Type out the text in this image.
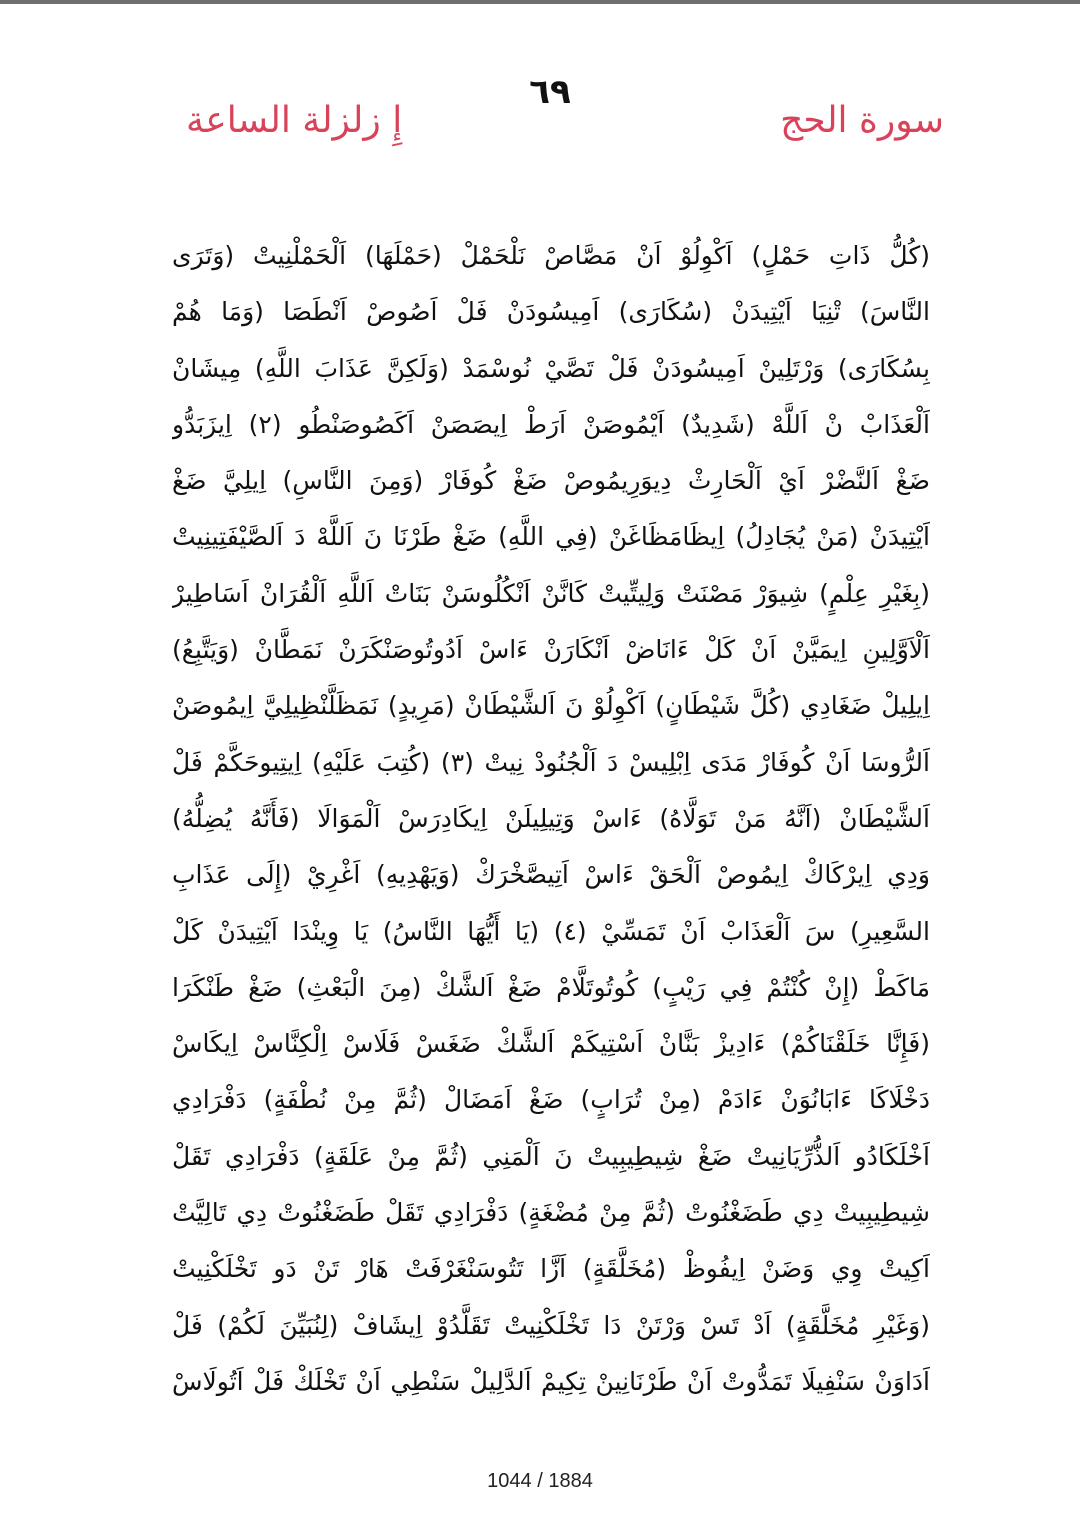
٦٩
سورة الحج
إِ زلزلة الساعة
(كُلُّ ذَاتِ حَمْلٍ) اَكْوِلُوْ اَنْ مَصَّاصْ نَلْحَمْلْ (حَمْلَهَا) اَلْحَمْلْنِيتْ (وَتَرَى
النَّاسَ) تْنِيَا اَيْتِيدَنْ (سُكَارَى) اَمِيسُودَنْ فَلْ اَصُوصْ اَنْطَصَا (وَمَا هُمْ
بِسُكَارَى) وَرْتَلِينْ اَمِيسُودَنْ فَلْ تَصَّيْ نُوسْمَدْ (وَلَكِنَّ عَذَابَ اللَّهِ) مِيشَانْ
اَلْعَذَابْ نْ اَللَّهْ (شَدِيدٌ) اَيْمُوصَنْ اَرَطْ اِيصَصَنْ اَكَصُوصَنْطُو (٢) اِيزَبَدُّو
ضَغْ اَلنَّضْرْ اَيْ اَلْحَارِثْ دِيوَرِيمُوصْ ضَغْ كُوفَارْ (وَمِنَ النَّاسِ) اِيلِيَّ ضَغْ
اَيْتِيدَنْ (مَنْ يُجَادِلُ) اِيظَامَظَاغَنْ (فِي اللَّهِ) ضَغْ طَرْنَا نَ اَللَّهْ دَ اَلصَّيْفَتِينِيتْ
(بِغَيْرِ عِلْمٍ) شِيوَرْ مَصْنَتْ وَلِيتِّيتْ كَانَّنْ اَنْكُلُوسَنْ بَنَاتْ اَللَّهِ اَلْقُرَانْ اَسَاطِيرْ
اَلْاَوَّلِينِ اِيمَيَّنْ اَنْ كَلْ ءَانَاضْ اَنْكَارَنْ ءَاسْ اَدُوتُوصَنْكَرَنْ نَمَطَّانْ (وَيَتَّبِعُ)
اِيلِيلْ ضَغَادِي (كُلَّ شَيْطَانٍ) اَكْوِلُوْ نَ اَلشَّيْطَانْ (مَرِيدٍ) نَمَظَلَّنْظِيلِيَّ اِيمُوصَنْ
اَلرُّوسَا اَنْ كُوفَارْ مَدَى اِبْلِيسْ دَ اَلْجُنُودْ نِيتْ (٣) (كُتِبَ عَلَيْهِ) اِيتِيوحَكَّمْ فَلْ
اَلشَّيْطَانْ (اَنَّهُ مَنْ تَوَلَّاهُ) ءَاسْ وَتِيلِيلَنْ اِيكَادِرَسْ اَلْمَوَالَا (فَأَنَّهُ يُضِلُّهُ)
وَدِي اِيرْكَاكْ اِيمُوصْ اَلْحَقْ ءَاسْ اَتِيصَّخْرَكْ (وَيَهْدِيهِ) اَغْرِيْ (إِلَى عَذَابِ
السَّعِيرِ) سَ اَلْعَذَابْ اَنْ تَمَسِّيْ (٤) (يَا أَيُّهَا النَّاسُ) يَا وِينْدَا اَيْتِيدَنْ كَلْ
مَاكَطْ (إِنْ كُنْتُمْ فِي رَيْبٍ) كُوتُوتَلَّامْ ضَغْ اَلشَّكْ (مِنَ الْبَعْثِ) ضَغْ طَنْكَرَا
(فَإِنَّا خَلَقْنَاكُمْ) ءَادِيزْ بَنَّانْ اَسْتِيكَمْ اَلشَّكْ ضَغَسْ فَلَاسْ اِلْكِنَّاسْ اِيكَاسْ
دَخْلَاكَا ءَابَانُوَنْ ءَادَمْ (مِنْ تُرَابٍ) ضَغْ اَمَضَالْ (ثُمَّ مِنْ نُطْفَةٍ) دَفْرَادِي
اَخْلَكَادُو اَلذُّرِّيَانِيتْ ضَغْ شِيطِيبِيتْ نَ اَلْمَنِي (ثُمَّ مِنْ عَلَقَةٍ) دَفْرَادِي تَقَلْ
شِيطِيبِيتْ دِي طَضَغْنُوتْ (ثُمَّ مِنْ مُضْغَةٍ) دَفْرَادِي تَقَلْ طَضَغْنُوتْ دِي تَالِيَّتْ
اَكِيتْ وِي وَضَنْ اِيفُوظْ (مُخَلَّقَةٍ) اَزَّا تَتُوسَنْغَرْفَتْ هَارْ تَنْ دَو تَخْلَكْنِيتْ
(وَغَيْرِ مُخَلَّقَةٍ) اَدْ تَسْ وَرْتَنْ دَا تَخْلَكْنِيتْ تَقَلَّدُوْ اِيشَافْ (لِنُبَيِّنَ لَكُمْ) فَلْ
اَدَاوَنْ سَنْفِيلَا تَمَدُّوتْ اَنْ طَرْنَانِينْ تِكِيمْ اَلدَّلِيلْ سَنْطِي اَنْ تَخْلَكْ فَلْ اَتُولَاسْ
1044 / 1884
